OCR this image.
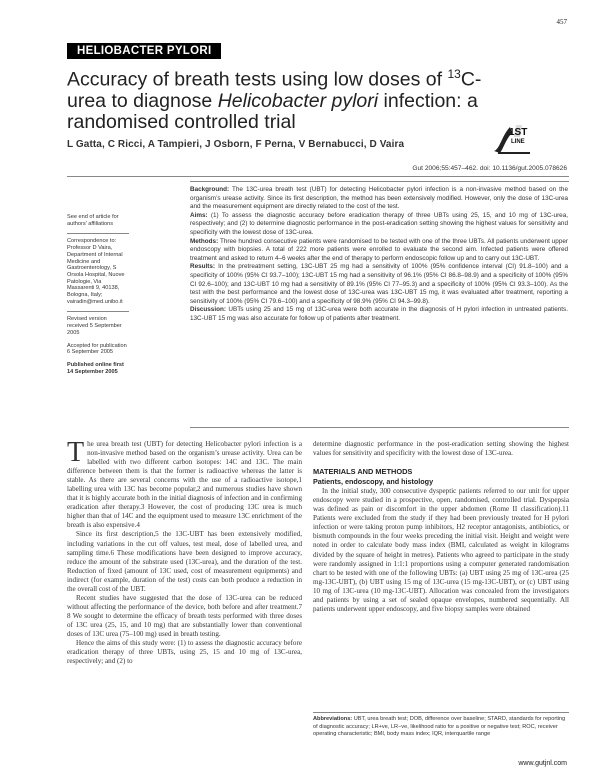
457
HELIOBACTER PYLORI
Accuracy of breath tests using low doses of $^{13}$C-urea to diagnose Helicobacter pylori infection: a randomised controlled trial
L Gatta, C Ricci, A Tampieri, J Osborn, F Perna, V Bernabucci, D Vaira
1ST
LINE
Gut 2006;55:457–462. doi: 10.1136/gut.2005.078626

See end of article for authors’ affiliations

Correspondence to: Professor D Vaira, Department of Internal Medicine and Gastroenterology, S Orsola Hospital, Nuove Patologie, Via Massarenti 9, 40138, Bologna, Italy; vairadin@med.unibo.it

Revised version received 5 September 2005

Accepted for publication 6 September 2005

Published online first 14 September 2005

Background: The 13C-urea breath test (UBT) for detecting Helicobacter pylori infection is a non-invasive method based on the organism’s urease activity. Since its first description, the method has been extensively modified. However, only the dose of 13C-urea and the measurement equipment are directly related to the cost of the test.

Aims: (1) To assess the diagnostic accuracy before eradication therapy of three UBTs using 25, 15, and 10 mg of 13C-urea, respectively; and (2) to determine diagnostic performance in the post-eradication setting showing the highest values for sensitivity and specificity with the lowest dose of 13C-urea.

Methods: Three hundred consecutive patients were randomised to be tested with one of the three UBTs. All patients underwent upper endoscopy with biopsies. A total of 222 more patients were enrolled to evaluate the second aim. Infected patients were offered treatment and asked to return 4–6 weeks after the end of therapy to perform endoscopic follow up and to carry out 13C-UBT.

Results: In the pretreatment setting, 13C-UBT 25 mg had a sensitivity of 100% (95% confidence interval (CI) 91.8–100) and a specificity of 100% (95% CI 93.7–100); 13C-UBT 15 mg had a sensitivity of 96.1% (95% CI 86.8–98.9) and a specificity of 100% (95% CI 92.6–100); and 13C-UBT 10 mg had a sensitivity of 89.1% (95% CI 77–95.3) and a specificity of 100% (95% CI 93.3–100). As the test with the best performance and the lowest dose of 13C-urea was 13C-UBT 15 mg, it was evaluated after treatment, reporting a sensitivity of 100% (95% CI 79.6–100) and a specificity of 98.9% (95% CI 94.3–99.8).

Discussion: UBTs using 25 and 15 mg of 13C-urea were both accurate in the diagnosis of H pylori infection in untreated patients. 13C-UBT 15 mg was also accurate for follow up of patients after treatment.

The urea breath test (UBT) for detecting Helicobacter pylori infection is a non-invasive method based on the organism’s urease activity. Urea can be labelled with two different carbon isotopes: 14C and 13C. The main difference between them is that the former is radioactive whereas the latter is stable. As there are several concerns with the use of a radioactive isotope,1 labelling urea with 13C has become popular,2 and numerous studies have shown that it is highly accurate both in the initial diagnosis of infection and in confirming eradication after therapy.3 However, the cost of producing 13C urea is much higher than that of 14C and the equipment used to measure 13C enrichment of the breath is also expensive.4

Since its first description,5 the 13C-UBT has been extensively modified, including variations in the cut off values, test meal, dose of labelled urea, and sampling time.6 These modifications have been designed to improve accuracy, reduce the amount of the substrate used (13C-urea), and the duration of the test. Reduction of fixed (amount of 13C used, cost of measurement equipments) and indirect (for example, duration of the test) costs can both produce a reduction in the overall cost of the UBT.

Recent studies have suggested that the dose of 13C-urea can be reduced without affecting the performance of the device, both before and after treatment.7 8 We sought to determine the efficacy of breath tests performed with three doses of 13C urea (25, 15, and 10 mg) that are substantially lower than conventional doses of 13C urea (75–100 mg) used in breath testing.

Hence the aims of this study were: (1) to assess the diagnostic accuracy before eradication therapy of three UBTs, using 25, 15 and 10 mg of 13C-urea, respectively; and (2) to

determine diagnostic performance in the post-eradication setting showing the highest values for sensitivity and specificity with the lowest dose of 13C-urea.

MATERIALS AND METHODS
Patients, endoscopy, and histology

In the initial study, 300 consecutive dyspeptic patients referred to our unit for upper endoscopy were studied in a prospective, open, randomised, controlled trial. Dyspepsia was defined as pain or discomfort in the upper abdomen (Rome II classification).11 Patients were excluded from the study if they had been previously treated for H pylori infection or were taking proton pump inhibitors, H2 receptor antagonists, antibiotics, or bismuth compounds in the four weeks preceding the initial visit. Height and weight were noted in order to calculate body mass index (BMI, calculated as weight in kilograms divided by the square of height in metres). Patients who agreed to participate in the study were randomly assigned in 1:1:1 proportions using a computer generated randomisation chart to be tested with one of the following UBTs: (a) UBT using 25 mg of 13C-urea (25 mg-13C-UBT), (b) UBT using 15 mg of 13C-urea (15 mg-13C-UBT), or (c) UBT using 10 mg of 13C-urea (10 mg-13C-UBT). Allocation was concealed from the investigators and patients by using a set of sealed opaque envelopes, numbered sequentially. All patients underwent upper endoscopy, and five biopsy samples were obtained

Abbreviations: UBT, urea breath test; DOB, difference over baseline; STARD, standards for reporting of diagnostic accuracy; LR+ve, LR−ve, likelihood ratio for a positive or negative test; ROC, receiver operating characteristic; BMI, body mass index; IQR, interquartile range
www.gutjnl.com
